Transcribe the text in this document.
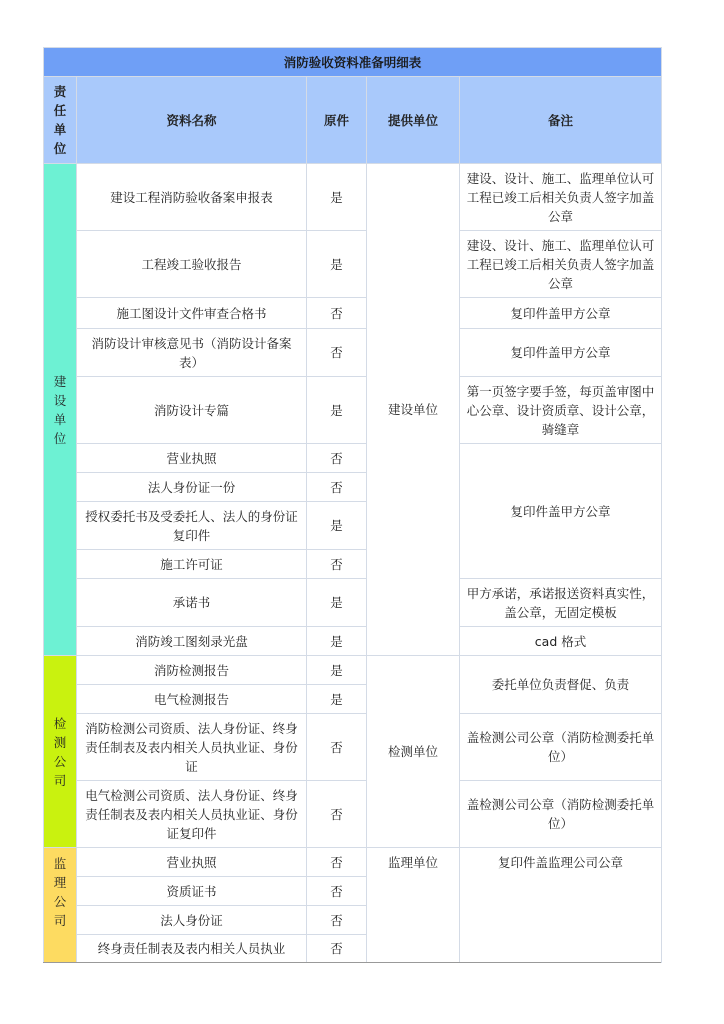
消防验收资料准备明细表				
责任单位	资料名称	原件	提供单位	备注
建设单位	建设工程消防验收备案申报表	是	建设单位	建设、设计、施工、监理单位认可工程已竣工后相关负责人签字加盖公章
	工程竣工验收报告	是		建设、设计、施工、监理单位认可工程已竣工后相关负责人签字加盖公章
	施工图设计文件审查合格书	否		复印件盖甲方公章
	消防设计审核意见书（消防设计备案表）	否		复印件盖甲方公章
	消防设计专篇	是		第一页签字要手签，每页盖审图中心公章、设计资质章、设计公章，骑缝章
	营业执照	否		复印件盖甲方公章
	法人身份证一份	否		
	授权委托书及受委托人、法人的身份证复印件	是		
	施工许可证	否		
	承诺书	是		甲方承诺，承诺报送资料真实性，盖公章，无固定模板
	消防竣工图刻录光盘	是		cad 格式
检测公司	消防检测报告	是	检测单位	委托单位负责督促、负责
	电气检测报告	是		
	消防检测公司资质、法人身份证、终身责任制表及表内相关人员执业证、身份证	否		盖检测公司公章（消防检测委托单位）
	电气检测公司资质、法人身份证、终身责任制表及表内相关人员执业证、身份证复印件	否		盖检测公司公章（消防检测委托单位）
监理公司	营业执照	否	监理单位	复印件盖监理公司公章
	资质证书	否		
	法人身份证	否		
	终身责任制表及表内相关人员执业	否		
